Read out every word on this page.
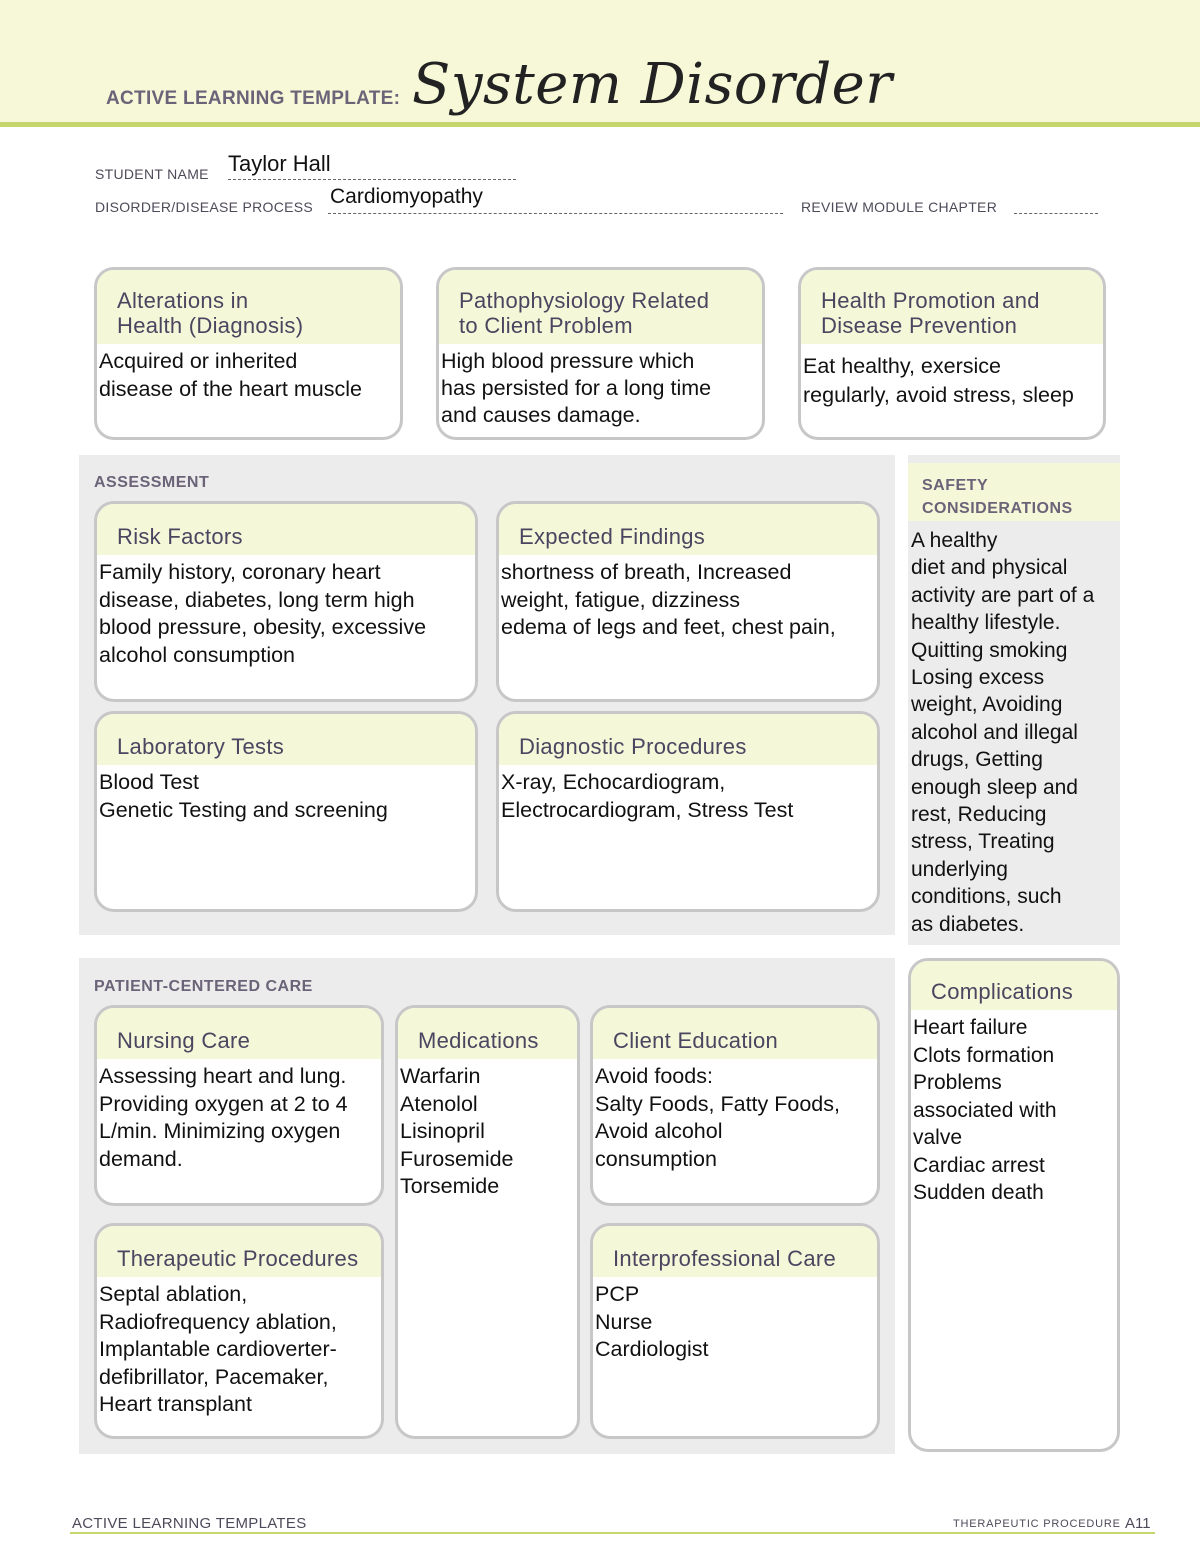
ACTIVE LEARNING TEMPLATE: System Disorder
STUDENT NAME Taylor Hall
DISORDER/DISEASE PROCESS Cardiomyopathy	REVIEW MODULE CHAPTER
Alterations in
Health (Diagnosis)
Acquired or inherited
disease of the heart muscle
Pathophysiology Related
to Client Problem
High blood pressure which
has persisted for a long time
and causes damage.
Health Promotion and
Disease Prevention
Eat healthy, exersice
regularly, avoid stress, sleep
ASSESSMENT
Risk Factors
Family history, coronary heart
disease, diabetes, long term high
blood pressure, obesity, excessive
alcohol consumption
Expected Findings
shortness of breath, Increased
weight, fatigue, dizziness
edema of legs and feet, chest pain,
Laboratory Tests
Blood Test
Genetic Testing and screening
Diagnostic Procedures
X-ray, Echocardiogram,
Electrocardiogram, Stress Test
SAFETY
CONSIDERATIONS
A healthy
diet and physical
activity are part of a
healthy lifestyle.
Quitting smoking
Losing excess
weight, Avoiding
alcohol and illegal
drugs, Getting
enough sleep and
rest, Reducing
stress, Treating
underlying
conditions, such
as diabetes.
PATIENT-CENTERED CARE
Nursing Care
Assessing heart and lung.
Providing oxygen at 2 to 4
L/min. Minimizing oxygen
demand.
Medications
Warfarin
Atenolol
Lisinopril
Furosemide
Torsemide
Client Education
Avoid foods:
Salty Foods, Fatty Foods,
Avoid alcohol
consumption
Therapeutic Procedures
Septal ablation,
Radiofrequency ablation,
Implantable cardioverter-
defibrillator, Pacemaker,
Heart transplant
Interprofessional Care
PCP
Nurse
Cardiologist
Complications
Heart failure
Clots formation
Problems
associated with
valve
Cardiac arrest
Sudden death
ACTIVE LEARNING TEMPLATES	THERAPEUTIC PROCEDURE A11
